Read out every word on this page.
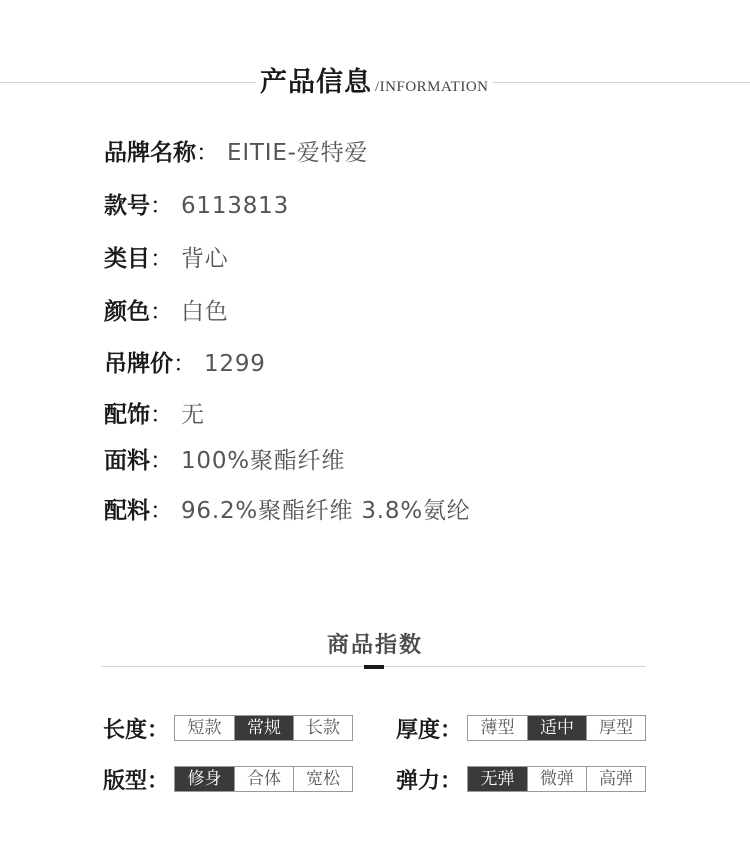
产品信息 /INFORMATION
品牌名称： EITIE-爱特爱
款号： 6113813
类目： 背心
颜色： 白色
吊牌价： 1299
配饰： 无
面料： 100%聚酯纤维
配料： 96.2%聚酯纤维 3.8%氨纶
商品指数
长度：	短款	常规	长款	厚度：	薄型	适中	厚型
版型：	修身	合体	宽松	弹力：	无弹	微弹	高弹
